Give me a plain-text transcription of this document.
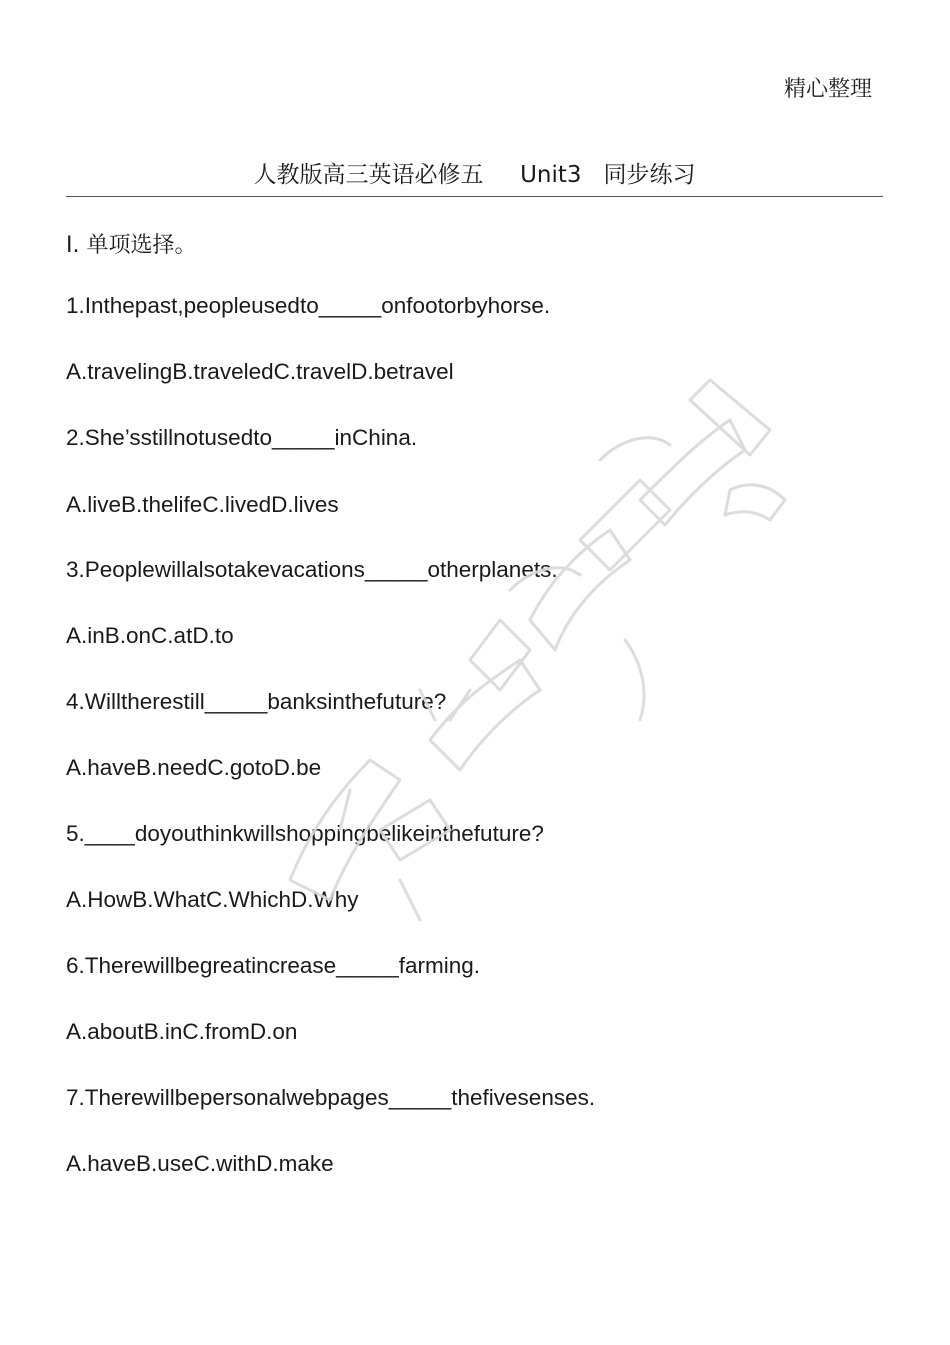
精心整理
人教版高三英语必修五     Unit3   同步练习
I. 单项选择。
1.Inthepast,peopleusedto_____onfootorbyhorse.
A.travelingB.traveledC.travelD.betravel
2.She’sstillnotusedto_____inChina.
A.liveB.thelifeC.livedD.lives
3.Peoplewillalsotakevacations_____otherplanets.
A.inB.onC.atD.to
4.Willtherestill_____banksinthefuture?
A.haveB.needC.gotoD.be
5.____doyouthinkwillshoppingbelikeinthefuture?
A.HowB.WhatC.WhichD.Why
6.Therewillbegreatincrease_____farming.
A.aboutB.inC.fromD.on
7.Therewillbepersonalwebpages_____thefivesenses.
A.haveB.useC.withD.make
